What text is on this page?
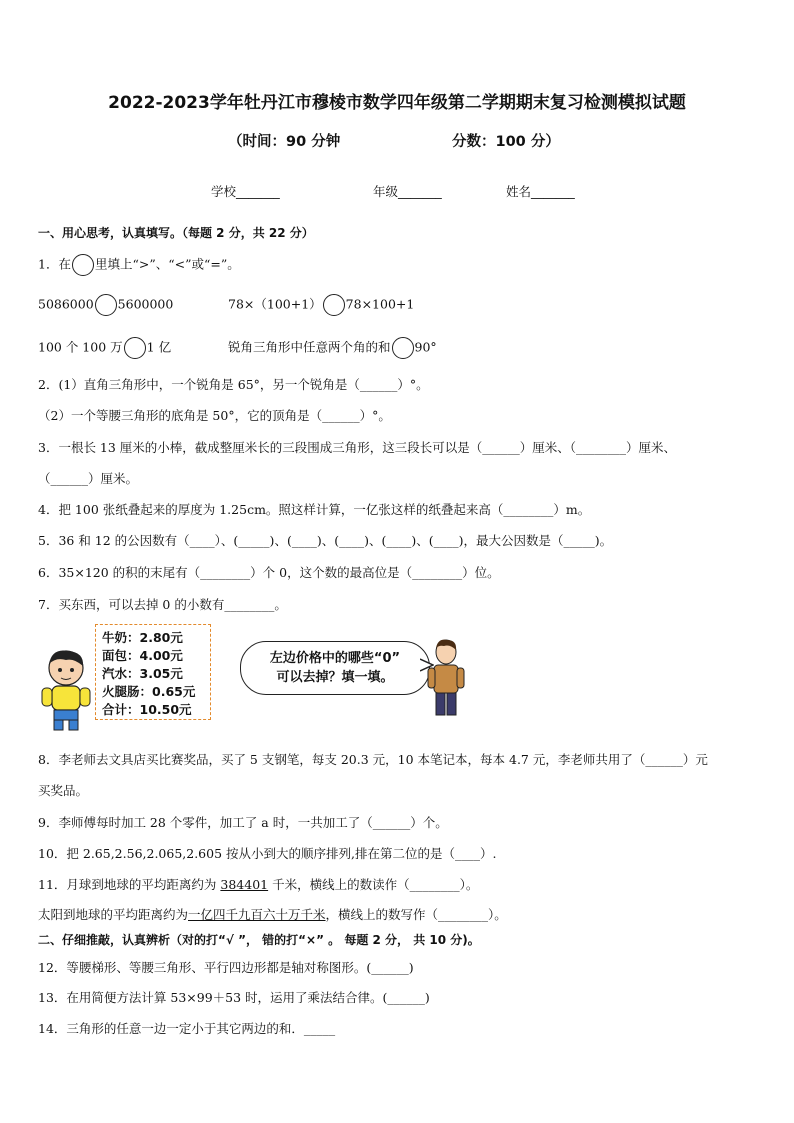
2022-2023学年牡丹江市穆棱市数学四年级第二学期期末复习检测模拟试题
（时间：90 分钟	分数：100 分）
学校_______	年级_______	姓名_______
一、用心思考，认真填写。（每题 2 分，共 22 分）
1．在 里填上“>”、“<”或“=”。
5086000 5600000	78×（100+1） 78×100+1
100 个 100 万 1 亿	锐角三角形中任意两个角的和 90°
2．(1）直角三角形中，一个锐角是 65°，另一个锐角是（______）°。
（2）一个等腰三角形的底角是 50°，它的顶角是（______）°。
3．一根长 13 厘米的小棒，截成整厘米长的三段围成三角形，这三段长可以是（______）厘米、（________）厘米、
（______）厘米。
4．把 100 张纸叠起来的厚度为 1.25cm。照这样计算，一亿张这样的纸叠起来高（________）m。
5．36 和 12 的公因数有（____）、(_____)、(____)、(____)、(____)、(____)，最大公因数是（_____)。
6．35×120 的积的末尾有（________）个 0，这个数的最高位是（________）位。
7．买东西，可以去掉 0 的小数有________。
牛奶：2.80元
面包：4.00元
汽水：3.05元
火腿肠：0.65元
合计：10.50元
左边价格中的哪些“0”
可以去掉？填一填。
8．李老师去文具店买比赛奖品，买了 5 支钢笔，每支 20.3 元，10 本笔记本，每本 4.7 元，李老师共用了（______）元
买奖品。
9．李师傅每时加工 28 个零件，加工了 a 时，一共加工了（______）个。
10．把 2.65,2.56,2.065,2.605 按从小到大的顺序排列,排在第二位的是（____）.
11．月球到地球的平均距离约为 384401 千米，横线上的数读作（________）。
太阳到地球的平均距离约为一亿四千九百六十万千米，横线上的数写作（________）。
二、仔细推敲，认真辨析（对的打“√ ”， 错的打“×” 。 每题 2 分， 共 10 分)。
12．等腰梯形、等腰三角形、平行四边形都是轴对称图形。(______)
13．在用简便方法计算 53×99＋53 时，运用了乘法结合律。(______)
14．三角形的任意一边一定小于其它两边的和．_____
